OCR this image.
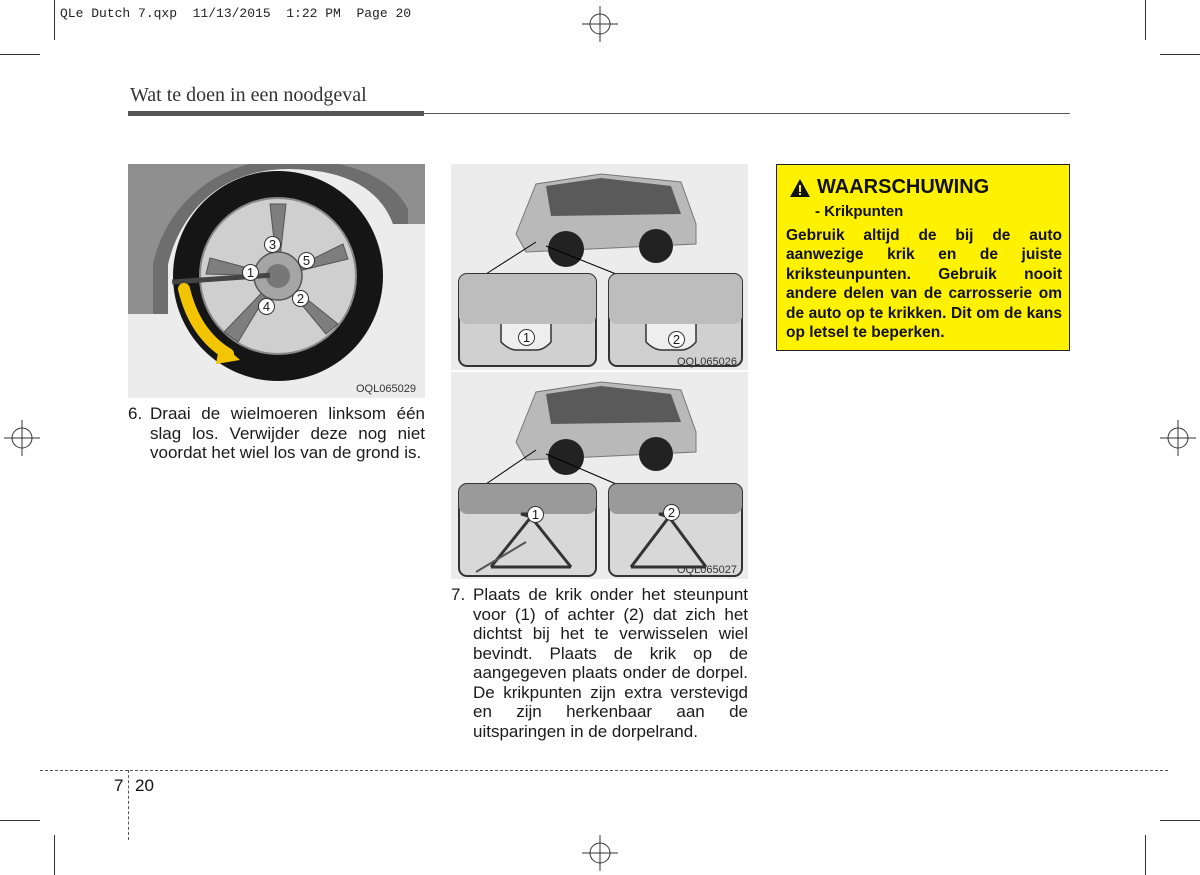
QLe Dutch 7.qxp  11/13/2015  1:22 PM  Page 20
Wat te doen in een noodgeval
1
2
3
4
5
OQL065029
6. Draai de wielmoeren linksom één slag los. Verwijder deze nog niet voordat het wiel los van de grond is.
1	2
OQL065026
1	2
OQL065027
7. Plaats de krik onder het steunpunt voor (1) of achter (2) dat zich het dichtst bij het te verwisselen wiel bevindt. Plaats de krik op de aangegeven plaats onder de dorpel. De krikpunten zijn extra verstevigd en zijn herkenbaar aan de uitsparingen in de dorpelrand.
WAARSCHUWING
- Krikpunten
Gebruik altijd de bij de auto aanwezige krik en de juiste kriksteunpunten. Gebruik nooit andere delen van de carrosserie om de auto op te krikken. Dit om de kans op letsel te beperken.
7 20
